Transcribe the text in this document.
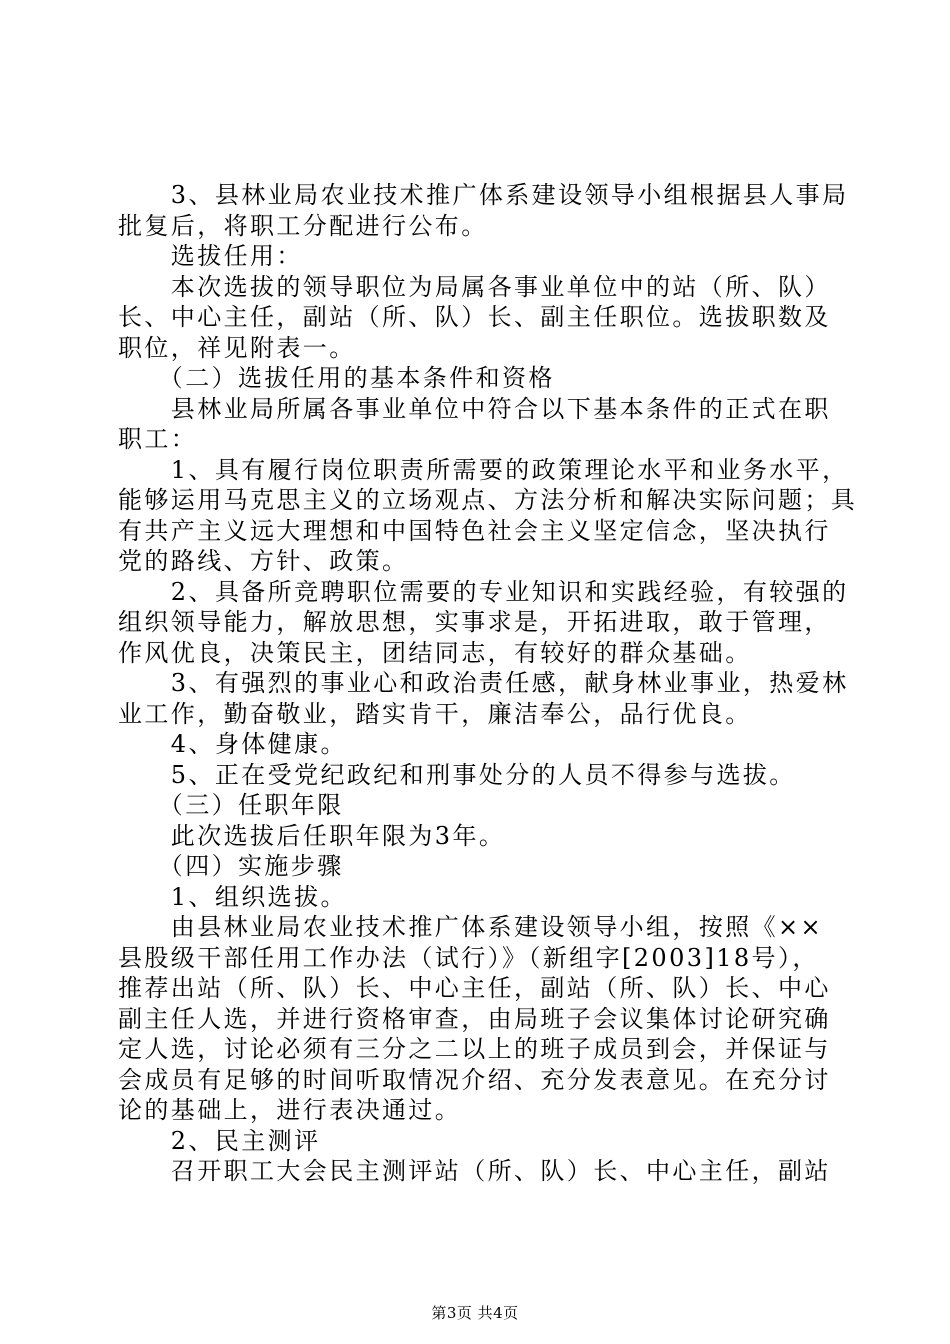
　　3、县林业局农业技术推广体系建设领导小组根据县人事局
批复后，将职工分配进行公布。
　　选拔任用：
　　本次选拔的领导职位为局属各事业单位中的站（所、队）
长、中心主任，副站（所、队）长、副主任职位。选拔职数及
职位，祥见附表一。
　　（二）选拔任用的基本条件和资格
　　县林业局所属各事业单位中符合以下基本条件的正式在职
职工：
　　1、具有履行岗位职责所需要的政策理论水平和业务水平，
能够运用马克思主义的立场观点、方法分析和解决实际问题；具
有共产主义远大理想和中国特色社会主义坚定信念，坚决执行
党的路线、方针、政策。
　　2、具备所竞聘职位需要的专业知识和实践经验，有较强的
组织领导能力，解放思想，实事求是，开拓进取，敢于管理，
作风优良，决策民主，团结同志，有较好的群众基础。
　　3、有强烈的事业心和政治责任感，献身林业事业，热爱林
业工作，勤奋敬业，踏实肯干，廉洁奉公，品行优良。
　　4、身体健康。
　　5、正在受党纪政纪和刑事处分的人员不得参与选拔。
　　（三）任职年限
　　此次选拔后任职年限为3年。
　　（四）实施步骤
　　1、组织选拔。
　　由县林业局农业技术推广体系建设领导小组，按照《××
县股级干部任用工作办法（试行）》（新组字[2003]18号），
推荐出站（所、队）长、中心主任，副站（所、队）长、中心
副主任人选，并进行资格审查，由局班子会议集体讨论研究确
定人选，讨论必须有三分之二以上的班子成员到会，并保证与
会成员有足够的时间听取情况介绍、充分发表意见。在充分讨
论的基础上，进行表决通过。
　　2、民主测评
　　召开职工大会民主测评站（所、队）长、中心主任，副站
第3页 共4页
